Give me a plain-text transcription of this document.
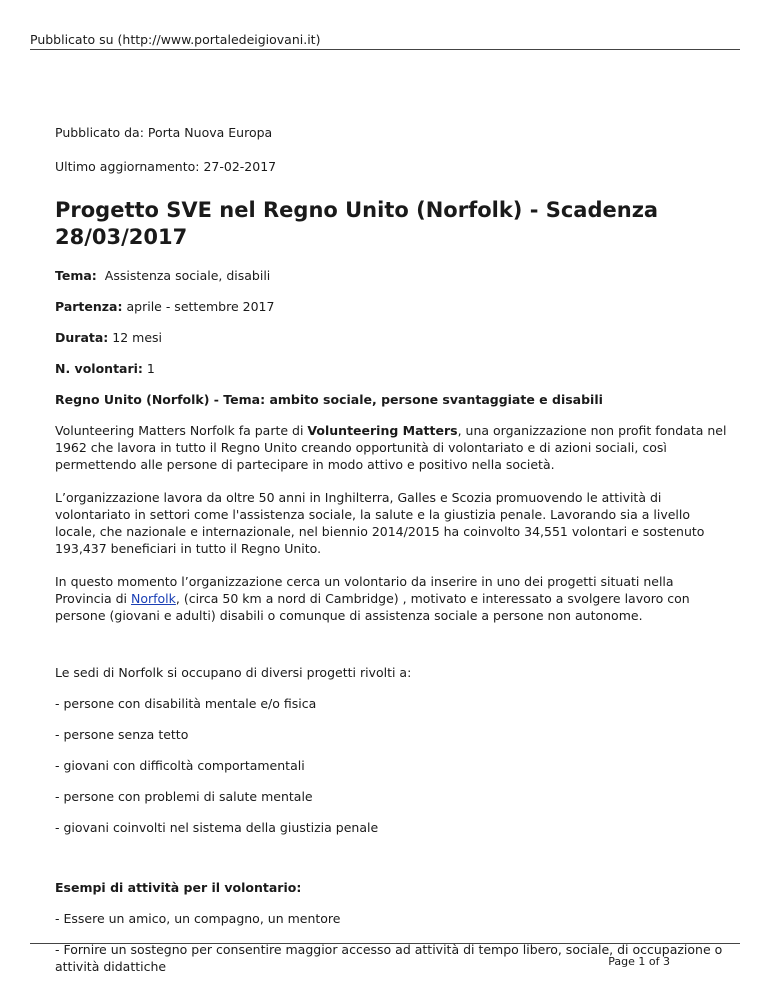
Pubblicato su (http://www.portaledeigiovani.it)

Pubblicato da: Porta Nuova Europa

Ultimo aggiornamento: 27-02-2017

Progetto SVE nel Regno Unito (Norfolk) - Scadenza 28/03/2017

Tema: Assistenza sociale, disabili

Partenza: aprile - settembre 2017

Durata: 12 mesi

N. volontari: 1

Regno Unito (Norfolk) - Tema: ambito sociale, persone svantaggiate e disabili

Volunteering Matters Norfolk fa parte di Volunteering Matters, una organizzazione non profit fondata nel 1962 che lavora in tutto il Regno Unito creando opportunità di volontariato e di azioni sociali, così permettendo alle persone di partecipare in modo attivo e positivo nella società.

L’organizzazione lavora da oltre 50 anni in Inghilterra, Galles e Scozia promuovendo le attività di volontariato in settori come l'assistenza sociale, la salute e la giustizia penale. Lavorando sia a livello locale, che nazionale e internazionale, nel biennio 2014/2015 ha coinvolto 34,551 volontari e sostenuto 193,437 beneficiari in tutto il Regno Unito.

In questo momento l’organizzazione cerca un volontario da inserire in uno dei progetti situati nella Provincia di Norfolk, (circa 50 km a nord di Cambridge) , motivato e interessato a svolgere lavoro con persone (giovani e adulti) disabili o comunque di assistenza sociale a persone non autonome.

Le sedi di Norfolk si occupano di diversi progetti rivolti a:

- persone con disabilità mentale e/o fisica

- persone senza tetto

- giovani con difficoltà comportamentali

- persone con problemi di salute mentale

- giovani coinvolti nel sistema della giustizia penale

Esempi di attività per il volontario:

- Essere un amico, un compagno, un mentore

- Fornire un sostegno per consentire maggior accesso ad attività di tempo libero, sociale, di occupazione o attività didattiche	Page 1 of 3
